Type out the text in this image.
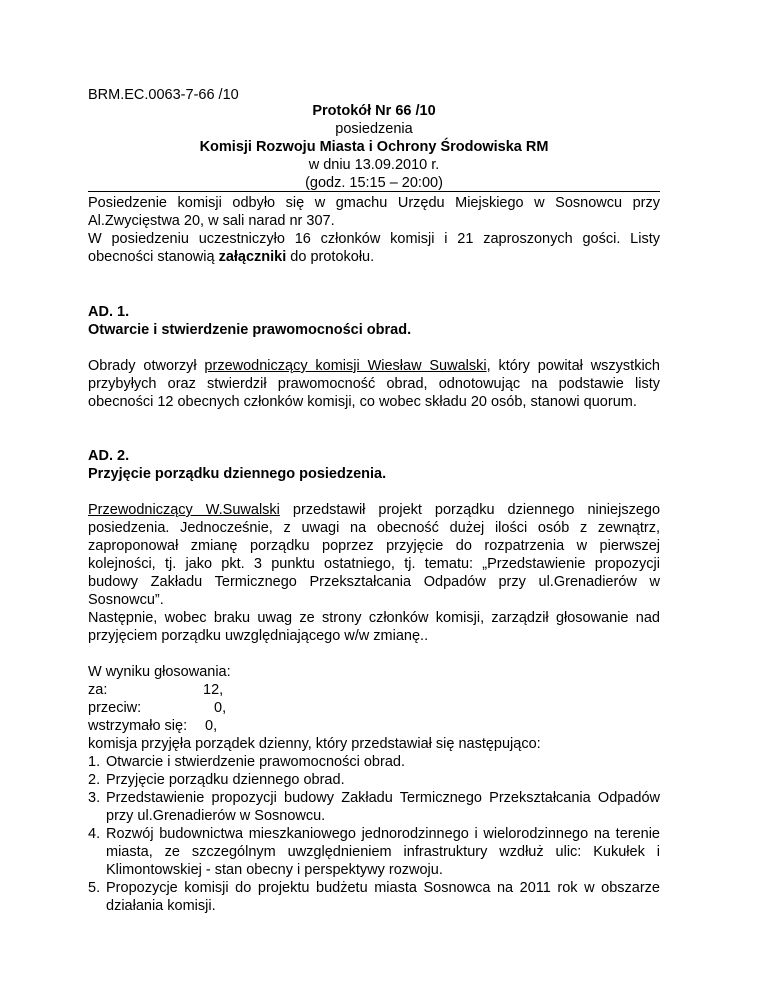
BRM.EC.0063-7-66 /10
Protokół Nr 66 /10
posiedzenia
Komisji Rozwoju Miasta i Ochrony Środowiska RM
w dniu 13.09.2010 r.
(godz. 15:15 – 20:00)
Posiedzenie komisji odbyło się w gmachu Urzędu Miejskiego w Sosnowcu przy Al.Zwycięstwa 20, w sali narad nr 307.
W posiedzeniu uczestniczyło 16 członków komisji i 21 zaproszonych gości. Listy obecności stanowią załączniki do protokołu.
AD. 1.
Otwarcie i stwierdzenie prawomocności obrad.
Obrady otworzył przewodniczący komisji Wiesław Suwalski, który powitał wszystkich przybyłych oraz stwierdził prawomocność obrad, odnotowując na podstawie listy obecności 12 obecnych członków komisji, co wobec składu 20 osób, stanowi quorum.
AD. 2.
Przyjęcie porządku dziennego posiedzenia.
Przewodniczący W.Suwalski przedstawił projekt porządku dziennego niniejszego posiedzenia. Jednocześnie, z uwagi na obecność dużej ilości osób z zewnątrz, zaproponował zmianę porządku poprzez przyjęcie do rozpatrzenia w pierwszej kolejności, tj. jako pkt. 3 punktu ostatniego, tj. tematu: „Przedstawienie propozycji budowy Zakładu Termicznego Przekształcania Odpadów przy ul.Grenadierów w Sosnowcu”.
Następnie, wobec braku uwag ze strony członków komisji, zarządził głosowanie nad przyjęciem porządku uwzględniającego w/w zmianę..
W wyniku głosowania:
za:	12,
przeciw:	0,
wstrzymało się:	0,
komisja przyjęła porządek dzienny, który przedstawiał się następująco:
1. Otwarcie i stwierdzenie prawomocności obrad.
2. Przyjęcie porządku dziennego obrad.
3. Przedstawienie propozycji budowy Zakładu Termicznego Przekształcania Odpadów przy ul.Grenadierów w Sosnowcu.
4. Rozwój budownictwa mieszkaniowego jednorodzinnego i wielorodzinnego na terenie miasta, ze szczególnym uwzględnieniem infrastruktury wzdłuż ulic: Kukułek i Klimontowskiej - stan obecny i perspektywy rozwoju.
5. Propozycje komisji do projektu budżetu miasta Sosnowca na 2011 rok w obszarze działania komisji.
